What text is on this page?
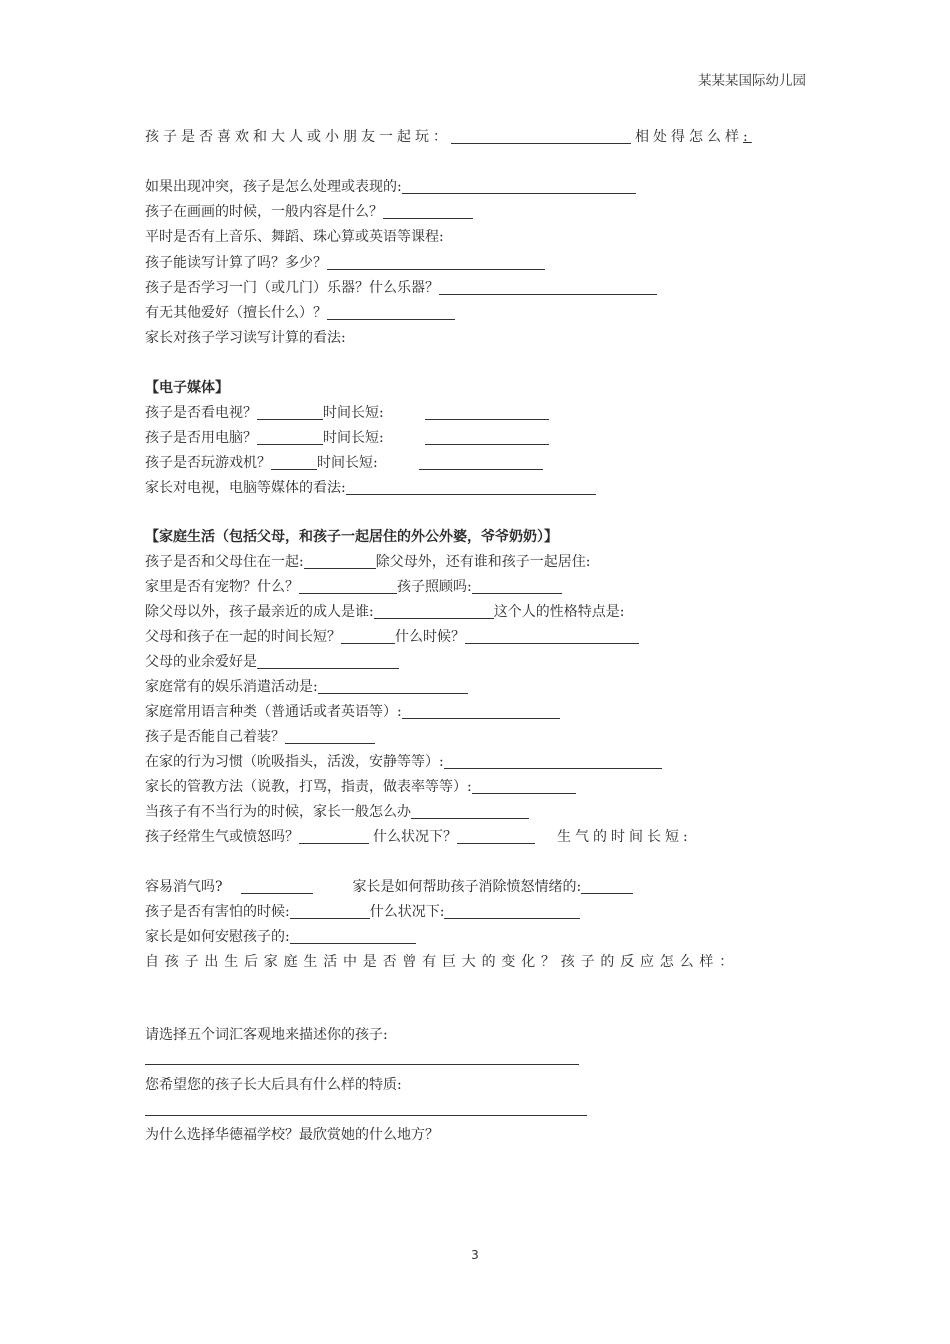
某某某国际幼儿园
孩子是否喜欢和大人或小朋友一起玩：	相处得怎么样:
如果出现冲突，孩子是怎么处理或表现的:
孩子在画画的时候，一般内容是什么？
平时是否有上音乐、舞蹈、珠心算或英语等课程:
孩子能读写计算了吗？多少？
孩子是否学习一门（或几门）乐器？什么乐器？
有无其他爱好（擅长什么）？
家长对孩子学习读写计算的看法:
【电子媒体】
孩子是否看电视？	时间长短:
孩子是否用电脑？	时间长短:
孩子是否玩游戏机？	时间长短:
家长对电视，电脑等媒体的看法:
【家庭生活（包括父母，和孩子一起居住的外公外婆，爷爷奶奶）】
孩子是否和父母住在一起:	除父母外，还有谁和孩子一起居住:
家里是否有宠物？什么？	孩子照顾吗:
除父母以外，孩子最亲近的成人是谁:	这个人的性格特点是:
父母和孩子在一起的时间长短？	什么时候？
父母的业余爱好是
家庭常有的娱乐消遣活动是:
家庭常用语言种类（普通话或者英语等）:
孩子是否能自己着装？
在家的行为习惯（吮吸指头，活泼，安静等等）:
家长的管教方法（说教，打骂，指责，做表率等等）:
当孩子有不当行为的时候，家长一般怎么办
孩子经常生气或愤怒吗？	什么状况下？	生气的时间长短:
容易消气吗?	家长是如何帮助孩子消除愤怒情绪的:
孩子是否有害怕的时候:	什么状况下:
家长是如何安慰孩子的:
自孩子出生后家庭生活中是否曾有巨大的变化？孩子的反应怎么样：
请选择五个词汇客观地来描述你的孩子:
您希望您的孩子长大后具有什么样的特质:
为什么选择华德福学校？最欣赏她的什么地方？
3
